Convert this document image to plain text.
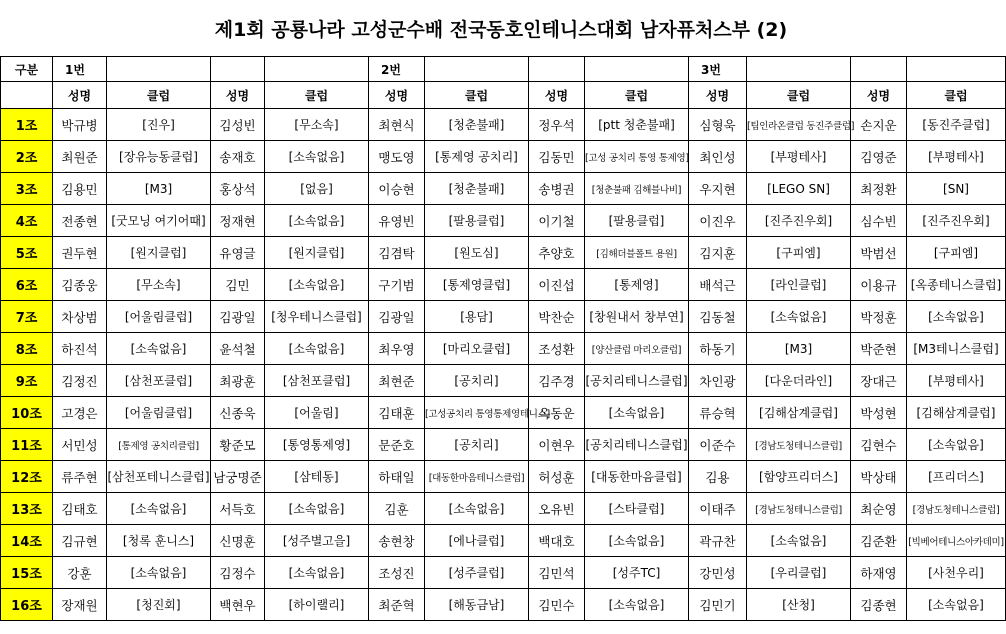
제1회 공룡나라 고성군수배 전국동호인테니스대회 남자퓨처스부 (2)
구분	1번				2번				3번			
	성명	클럽	성명	클럽	성명	클럽	성명	클럽	성명	클럽	성명	클럽
1조	박규병	[진우]	김성빈	[무소속]	최현식	[청춘불패]	정우석	[ptt 청춘불패]	심형욱	[팀인라온클럽 동진주클럽]	손지운	[동진주클럽]
2조	최원준	[장유능동클럽]	송재호	[소속없음]	맹도영	[통제영 공치리]	김동민	[고성 공치리 통영 통제영]	최인성	[부평테사]	김영준	[부평테사]
3조	김용민	[M3]	홍상석	[없음]	이승현	[청춘불패]	송병권	[청춘불패 김해블나비]	우지현	[LEGO SN]	최정환	[SN]
4조	전종현	[굿모닝 여기어때]	정재현	[소속없음]	유영빈	[팔용클럽]	이기철	[팔용클럽]	이진우	[진주진우회]	심수빈	[진주진우회]
5조	권두현	[원지클럽]	유영글	[원지클럽]	김겸탁	[원도심]	추양호	[김해더블폴트 용원]	김지훈	[구피엠]	박범선	[구피엠]
6조	김종웅	[무소속]	김민	[소속없음]	구기범	[통제영클럽]	이진섭	[통제영]	배석근	[라인클럽]	이용규	[옥종테니스클럽]
7조	차상범	[어울림클럽]	김광일	[청우테니스클럽]	김광일	[용담]	박찬순	[창원내서 창부연]	김동철	[소속없음]	박정훈	[소속없음]
8조	하진석	[소속없음]	윤석철	[소속없음]	최우영	[마리오클럽]	조성환	[양산클럽 마리오클럽]	하동기	[M3]	박준현	[M3테니스클럽]
9조	김정진	[삼천포클럽]	최광훈	[삼천포클럽]	최현준	[공치리]	김주경	[공치리테니스클럽]	차인광	[다운더라인]	장대근	[부평테사]
10조	고경은	[어울림클럽]	신종욱	[어울림]	김태훈	[고성공치리 통영통제영테니스]	옥동운	[소속없음]	류승혁	[김해삼계클럽]	박성현	[김해삼계클럽]
11조	서민성	[통제영 공치리클럽]	황준모	[통영통제영]	문준호	[공치리]	이현우	[공치리테니스클럽]	이준수	[경남도청테니스클럽]	김현수	[소속없음]
12조	류주현	[삼천포테니스클럽]	남궁명준	[삼테동]	하태일	[대동한마음테니스클럽]	허성훈	[대동한마음클럽]	김용	[함양프리더스]	박상태	[프리더스]
13조	김태호	[소속없음]	서득호	[소속없음]	김훈	[소속없음]	오유빈	[스타클럽]	이태주	[경남도청테니스클럽]	최순영	[경남도청테니스클럽]
14조	김규현	[청록 훈니스]	신명훈	[성주별고을]	송현창	[에나클럽]	백대호	[소속없음]	곽규찬	[소속없음]	김준환	[빅베어테니스아카데미]
15조	강훈	[소속없음]	김정수	[소속없음]	조성진	[성주클럽]	김민석	[성주TC]	강민성	[우리클럽]	하재영	[사천우리]
16조	장재원	[청진회]	백현우	[하이랠리]	최준혁	[해동금남]	김민수	[소속없음]	김민기	[산청]	김종현	[소속없음]
